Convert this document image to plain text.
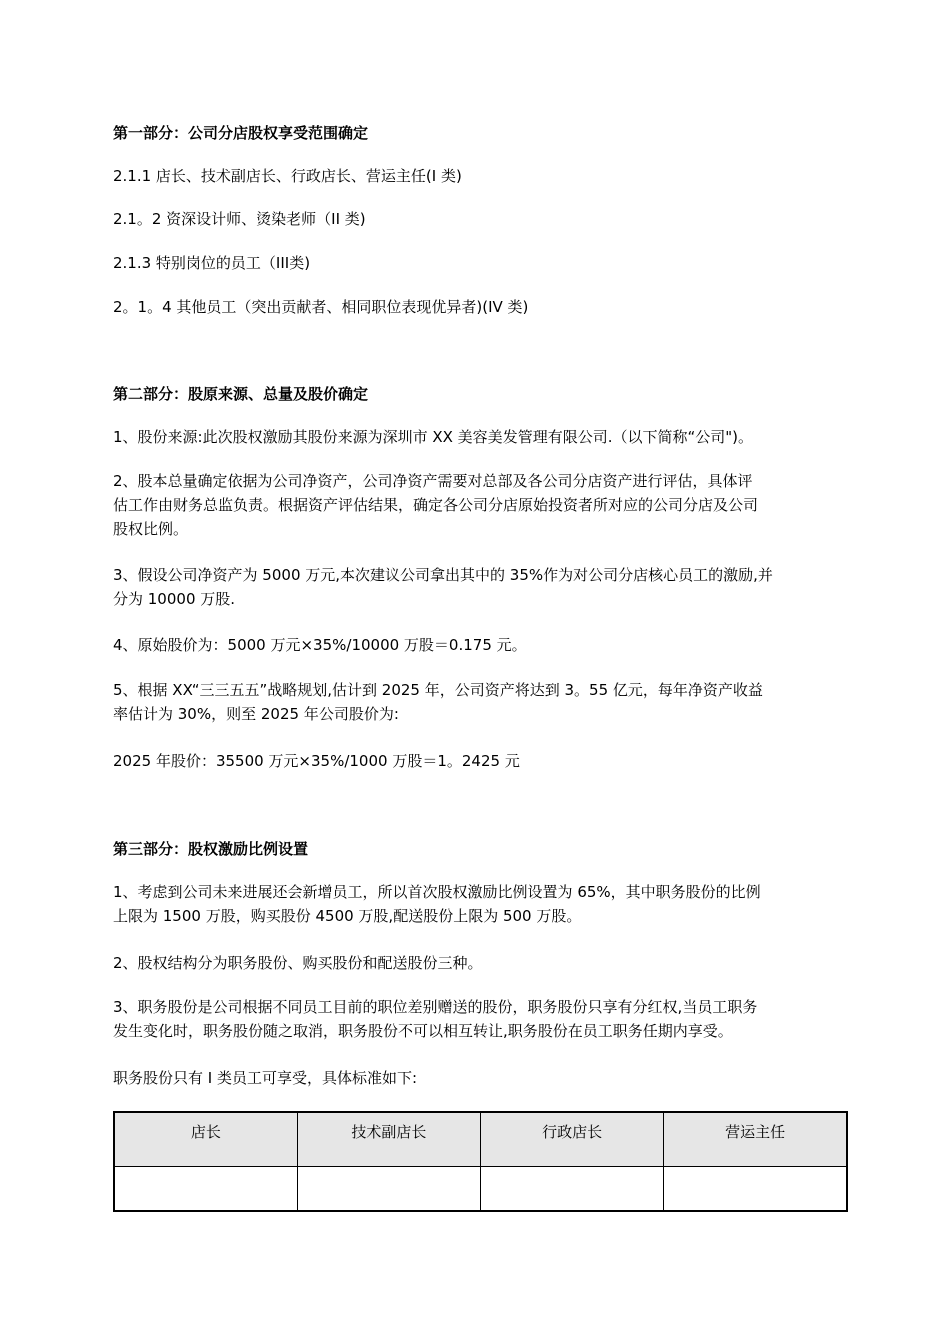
第一部分：公司分店股权享受范围确定
2.1.1 店长、技术副店长、行政店长、营运主任(I 类)
2.1。2 资深设计师、烫染老师（II 类)
2.1.3 特别岗位的员工（III类)
2。1。4 其他员工（突出贡献者、相同职位表现优异者)(IV 类)
第二部分：股原来源、总量及股价确定
1、股份来源:此次股权激励其股份来源为深圳市 XX 美容美发管理有限公司.（以下简称“公司")。
2、股本总量确定依据为公司净资产，公司净资产需要对总部及各公司分店资产进行评估，具体评
估工作由财务总监负责。根据资产评估结果，确定各公司分店原始投资者所对应的公司分店及公司
股权比例。
3、假设公司净资产为 5000 万元,本次建议公司拿出其中的 35%作为对公司分店核心员工的激励,并
分为 10000 万股.
4、原始股价为：5000 万元×35%/10000 万股＝0.175 元。
5、根据 XX“三三五五”战略规划,估计到 2025 年，公司资产将达到 3。55 亿元，每年净资产收益
率估计为 30%，则至 2025 年公司股价为:
2025 年股价：35500 万元×35%/1000 万股＝1。2425 元
第三部分：股权激励比例设置
1、考虑到公司未来进展还会新增员工，所以首次股权激励比例设置为 65%，其中职务股份的比例
上限为 1500 万股，购买股份 4500 万股,配送股份上限为 500 万股。
2、股权结构分为职务股份、购买股份和配送股份三种。
3、职务股份是公司根据不同员工目前的职位差别赠送的股份，职务股份只享有分红权,当员工职务
发生变化时，职务股份随之取消，职务股份不可以相互转让,职务股份在员工职务任期内享受。
职务股份只有 I 类员工可享受，具体标准如下:
店长	技术副店长	行政店长	营运主任
